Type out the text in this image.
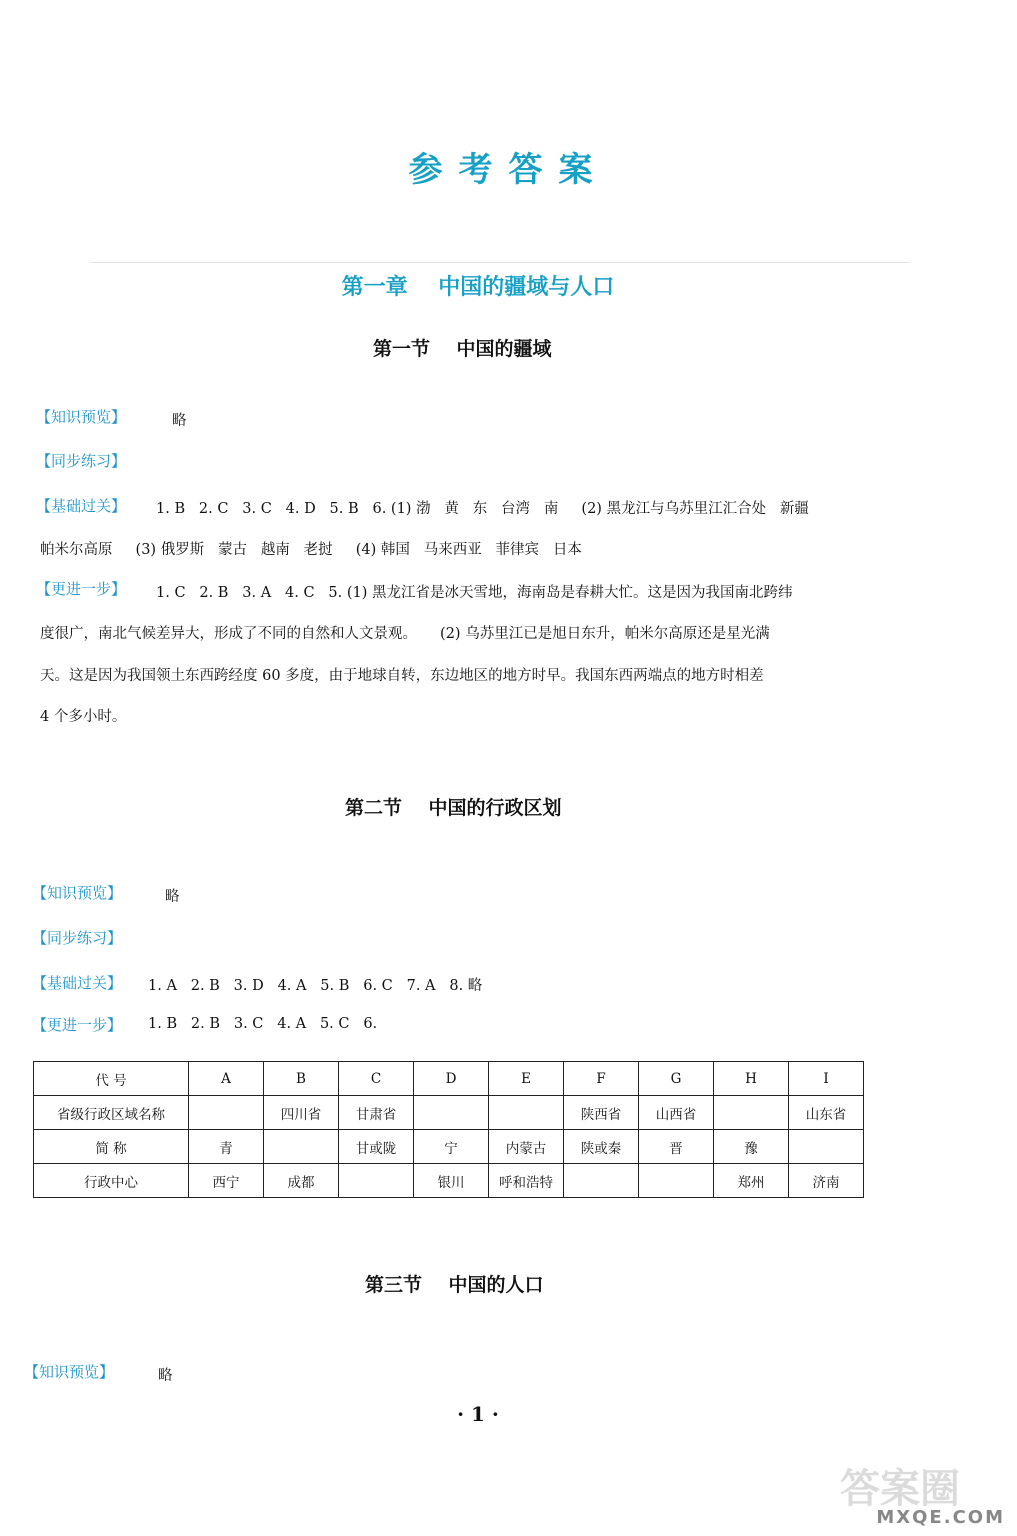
参考答案
第一章    中国的疆域与人口
第一节    中国的疆域
【知识预览】	略
【同步练习】
【基础过关】 1. B   2. C   3. C   4. D   5. B   6. (1) 渤   黄   东   台湾   南     (2) 黑龙江与乌苏里江汇合处   新疆
帕米尔高原     (3) 俄罗斯   蒙古   越南   老挝     (4) 韩国   马来西亚   菲律宾   日本
【更进一步】 1. C   2. B   3. A   4. C   5. (1) 黑龙江省是冰天雪地，海南岛是春耕大忙。这是因为我国南北跨纬
度很广，南北气候差异大，形成了不同的自然和人文景观。     (2) 乌苏里江已是旭日东升，帕米尔高原还是星光满
天。这是因为我国领土东西跨经度 60 多度，由于地球自转，东边地区的地方时早。我国东西两端点的地方时相差
4 个多小时。
第二节    中国的行政区划
【知识预览】	略
【同步练习】
【基础过关】 1. A   2. B   3. D   4. A   5. B   6. C   7. A   8. 略
【更进一步】 1. B   2. B   3. C   4. A   5. C   6.
代 号	A	B	C	D	E	F	G	H	I
省级行政区域名称		四川省	甘肃省			陕西省	山西省		山东省
简 称	青		甘或陇	宁	内蒙古	陕或秦	晋	豫	
行政中心	西宁	成都		银川	呼和浩特			郑州	济南
第三节    中国的人口
【知识预览】	略
· 1 ·
答案圈
MXQE.COM
